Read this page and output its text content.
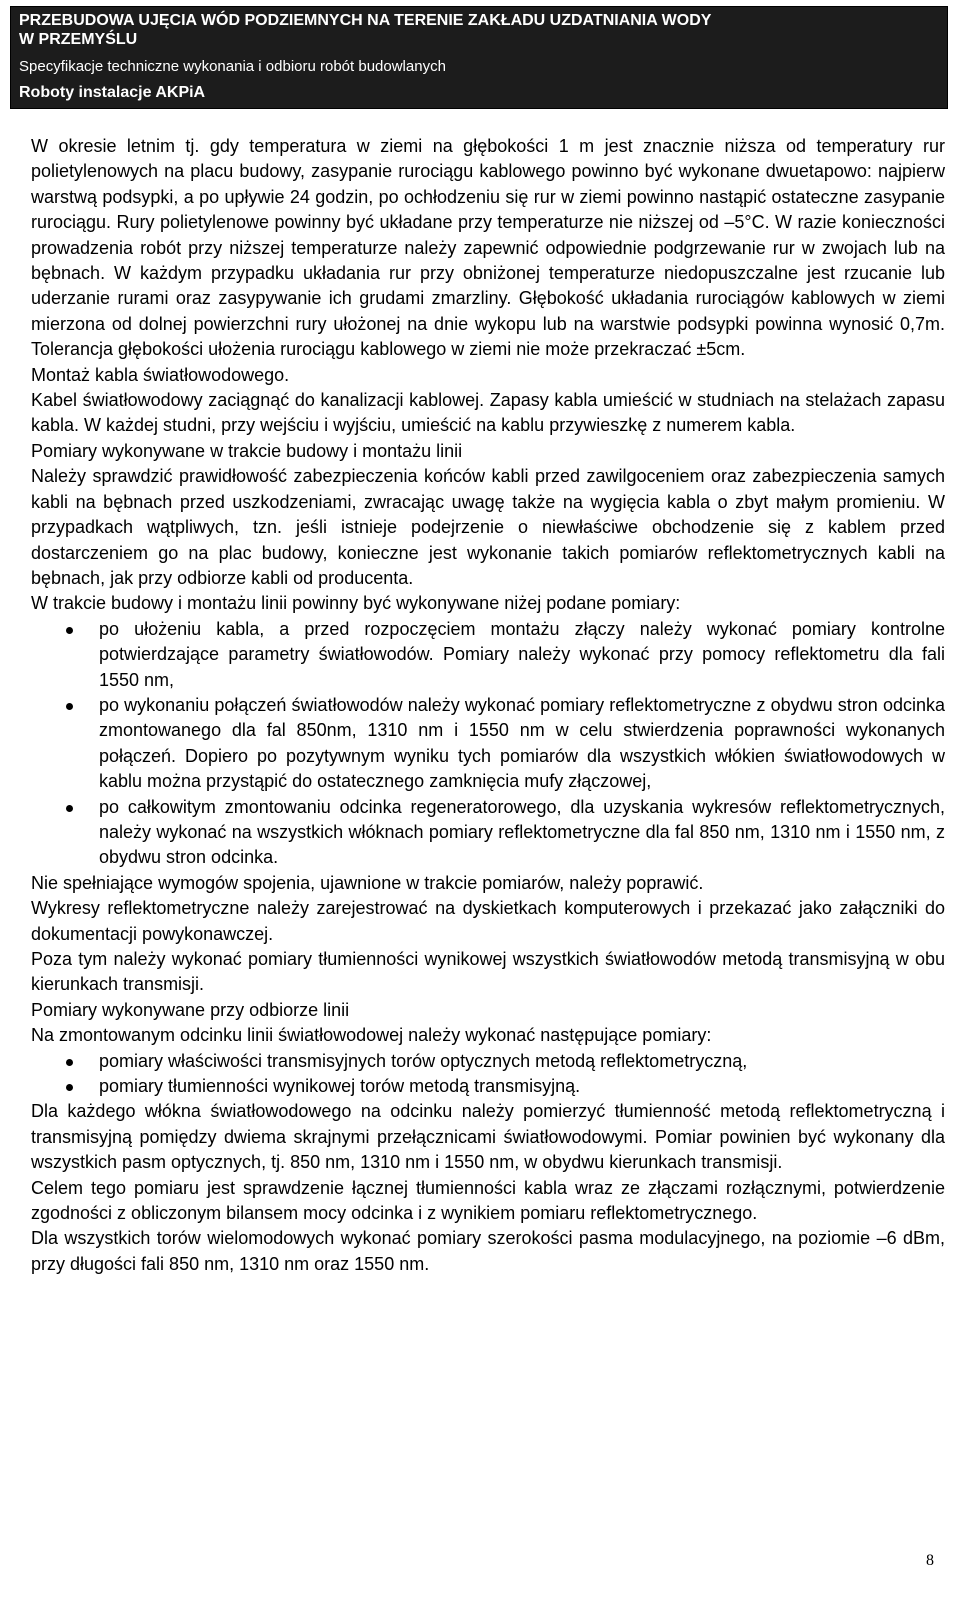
PRZEBUDOWA UJĘCIA WÓD PODZIEMNYCH NA TERENIE ZAKŁADU UZDATNIANIA WODY
W PRZEMYŚLU
Specyfikacje techniczne wykonania i odbioru robót budowlanych
Roboty instalacje AKPiA

W okresie letnim tj. gdy temperatura w ziemi na głębokości 1 m jest znacznie niższa od temperatury rur polietylenowych na placu budowy, zasypanie rurociągu kablowego powinno być wykonane dwuetapowo: najpierw warstwą podsypki, a po upływie 24 godzin, po ochłodzeniu się rur w ziemi powinno nastąpić ostateczne zasypanie rurociągu. Rury polietylenowe powinny być układane przy temperaturze nie niższej od –5°C. W razie konieczności prowadzenia robót przy niższej temperaturze należy zapewnić odpowiednie podgrzewanie rur w zwojach lub na bębnach. W każdym przypadku układania rur przy obniżonej temperaturze niedopuszczalne jest rzucanie lub uderzanie rurami oraz zasypywanie ich grudami zmarzliny. Głębokość układania rurociągów kablowych w ziemi mierzona od dolnej powierzchni rury ułożonej na dnie wykopu lub na warstwie podsypki powinna wynosić 0,7m. Tolerancja głębokości ułożenia rurociągu kablowego w ziemi nie może przekraczać ±5cm.

Montaż kabla światłowodowego.

Kabel światłowodowy zaciągnąć do kanalizacji kablowej. Zapasy kabla umieścić w studniach na stelażach zapasu kabla. W każdej studni, przy wejściu i wyjściu, umieścić na kablu przywieszkę z numerem kabla.

Pomiary wykonywane w trakcie budowy i montażu linii

Należy sprawdzić prawidłowość zabezpieczenia końców kabli przed zawilgoceniem oraz zabezpieczenia samych kabli na bębnach przed uszkodzeniami, zwracając uwagę także na wygięcia kabla o zbyt małym promieniu. W przypadkach wątpliwych, tzn. jeśli istnieje podejrzenie o niewłaściwe obchodzenie się z kablem przed dostarczeniem go na plac budowy, konieczne jest wykonanie takich pomiarów reflektometrycznych kabli na bębnach, jak przy odbiorze kabli od producenta.

W trakcie budowy i montażu linii powinny być wykonywane niżej podane pomiary:

po ułożeniu kabla, a przed rozpoczęciem montażu złączy należy wykonać pomiary kontrolne potwierdzające parametry światłowodów. Pomiary należy wykonać przy pomocy reflektometru dla fali 1550 nm,
po wykonaniu połączeń światłowodów należy wykonać pomiary reflektometryczne z obydwu stron odcinka zmontowanego dla fal 850nm, 1310 nm i 1550 nm w celu stwierdzenia poprawności wykonanych połączeń. Dopiero po pozytywnym wyniku tych pomiarów dla wszystkich włókien światłowodowych w kablu można przystąpić do ostatecznego zamknięcia mufy złączowej,
po całkowitym zmontowaniu odcinka regeneratorowego, dla uzyskania wykresów reflektometrycznych, należy wykonać na wszystkich włóknach pomiary reflektometryczne dla fal 850 nm, 1310 nm i 1550 nm, z obydwu stron odcinka.

Nie spełniające wymogów spojenia, ujawnione w trakcie pomiarów, należy poprawić.

Wykresy reflektometryczne należy zarejestrować na dyskietkach komputerowych i przekazać jako załączniki do dokumentacji powykonawczej.

Poza tym należy wykonać pomiary tłumienności wynikowej wszystkich światłowodów metodą transmisyjną w obu kierunkach transmisji.

Pomiary wykonywane przy odbiorze linii

Na zmontowanym odcinku linii światłowodowej należy wykonać następujące pomiary:

pomiary właściwości transmisyjnych torów optycznych metodą reflektometryczną,
pomiary tłumienności wynikowej torów metodą transmisyjną.

Dla każdego włókna światłowodowego na odcinku należy pomierzyć tłumienność metodą reflektometryczną i transmisyjną pomiędzy dwiema skrajnymi przełącznicami światłowodowymi. Pomiar powinien być wykonany dla wszystkich pasm optycznych, tj. 850 nm, 1310 nm i 1550 nm, w obydwu kierunkach transmisji.

Celem tego pomiaru jest sprawdzenie łącznej tłumienności kabla wraz ze złączami rozłącznymi, potwierdzenie zgodności z obliczonym bilansem mocy odcinka i z wynikiem pomiaru reflektometrycznego.

Dla wszystkich torów wielomodowych wykonać pomiary szerokości pasma modulacyjnego, na poziomie –6 dBm, przy długości fali 850 nm, 1310 nm oraz 1550 nm.

8
